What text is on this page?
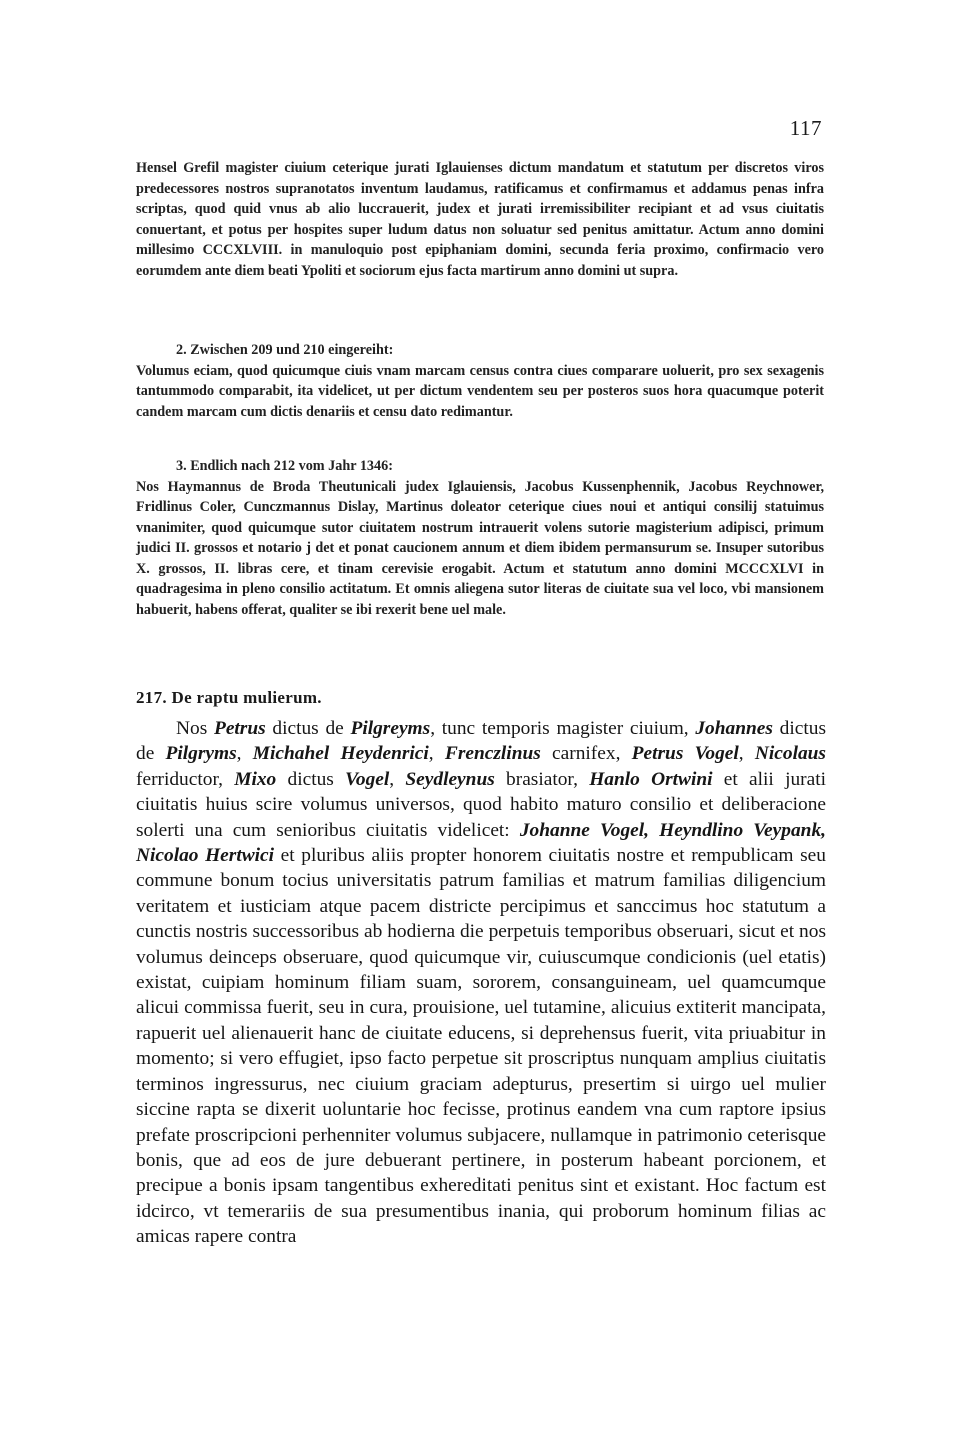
117

Hensel Grefil magister ciuium ceterique jurati Iglauienses dictum mandatum et statutum per discretos viros predecessores nostros supranotatos inventum laudamus, ratificamus et confirmamus et addamus penas infra scriptas, quod quid vnus ab alio luccrauerit, judex et jurati irremissibiliter recipiant et ad vsus ciuitatis conuertant, et potus per hospites super ludum datus non soluatur sed penitus amittatur. Actum anno domini millesimo CCCXLVIII. in manuloquio post epiphaniam domini, secunda feria proximo, confirmacio vero eorumdem ante diem beati Ypoliti et sociorum ejus facta martirum anno domini ut supra.

2. Zwischen 209 und 210 eingereiht:

Volumus eciam, quod quicumque ciuis vnam marcam census contra ciues comparare uoluerit, pro sex sexagenis tantummodo comparabit, ita videlicet, ut per dictum vendentem seu per posteros suos hora quacumque poterit candem marcam cum dictis denariis et censu dato redimantur.

3. Endlich nach 212 vom Jahr 1346:

Nos Haymannus de Broda Theutunicali judex Iglauiensis, Jacobus Kussenphennik, Jacobus Reychnower, Fridlinus Coler, Cunczmannus Dislay, Martinus doleator ceterique ciues noui et antiqui consilij statuimus vnanimiter, quod quicumque sutor ciuitatem nostrum intrauerit volens sutorie magisterium adipisci, primum judici II. grossos et notario j det et ponat caucionem annum et diem ibidem permansurum se. Insuper sutoribus X. grossos, II. libras cere, et tinam cerevisie erogabit. Actum et statutum anno domini MCCCXLVI in quadragesima in pleno consilio actitatum. Et omnis aliegena sutor literas de ciuitate sua vel loco, vbi mansionem habuerit, habens offerat, qualiter se ibi rexerit bene uel male.

217. De raptu mulierum.

Nos Petrus dictus de Pilgreyms, tunc temporis magister ciuium, Johannes dictus de Pilgryms, Michahel Heydenrici, Frenczlinus carnifex, Petrus Vogel, Nicolaus ferriductor, Mixo dictus Vogel, Seydleynus brasiator, Hanlo Ortwini et alii jurati ciuitatis huius scire volumus universos, quod habito maturo consilio et deliberacione solerti una cum senioribus ciuitatis videlicet: Johanne Vogel, Heyndlino Veypank, Nicolao Hertwici et pluribus aliis propter honorem ciuitatis nostre et rempublicam seu commune bonum tocius universitatis patrum familias et matrum familias diligencium veritatem et iusticiam atque pacem districte percipimus et sanccimus hoc statutum a cunctis nostris successoribus ab hodierna die perpetuis temporibus obseruari, sicut et nos volumus deinceps obseruare, quod quicumque vir, cuiuscumque condicionis (uel etatis) existat, cuipiam hominum filiam suam, sororem, consanguineam, uel quamcumque alicui commissa fuerit, seu in cura, prouisione, uel tutamine, alicuius extiterit mancipata, rapuerit uel alienauerit hanc de ciuitate educens, si deprehensus fuerit, vita priuabitur in momento; si vero effugiet, ipso facto perpetue sit proscriptus nunquam amplius ciuitatis terminos ingressurus, nec ciuium graciam adepturus, presertim si uirgo uel mulier siccine rapta se dixerit uoluntarie hoc fecisse, protinus eandem vna cum raptore ipsius prefate proscripcioni perhenniter volumus subjacere, nullamque in patrimonio ceterisque bonis, que ad eos de jure debuerant pertinere, in posterum habeant porcionem, et precipue a bonis ipsam tangentibus exhereditati penitus sint et existant. Hoc factum est idcirco, vt temerariis de sua presumentibus inania, qui proborum hominum filias ac amicas rapere contra
